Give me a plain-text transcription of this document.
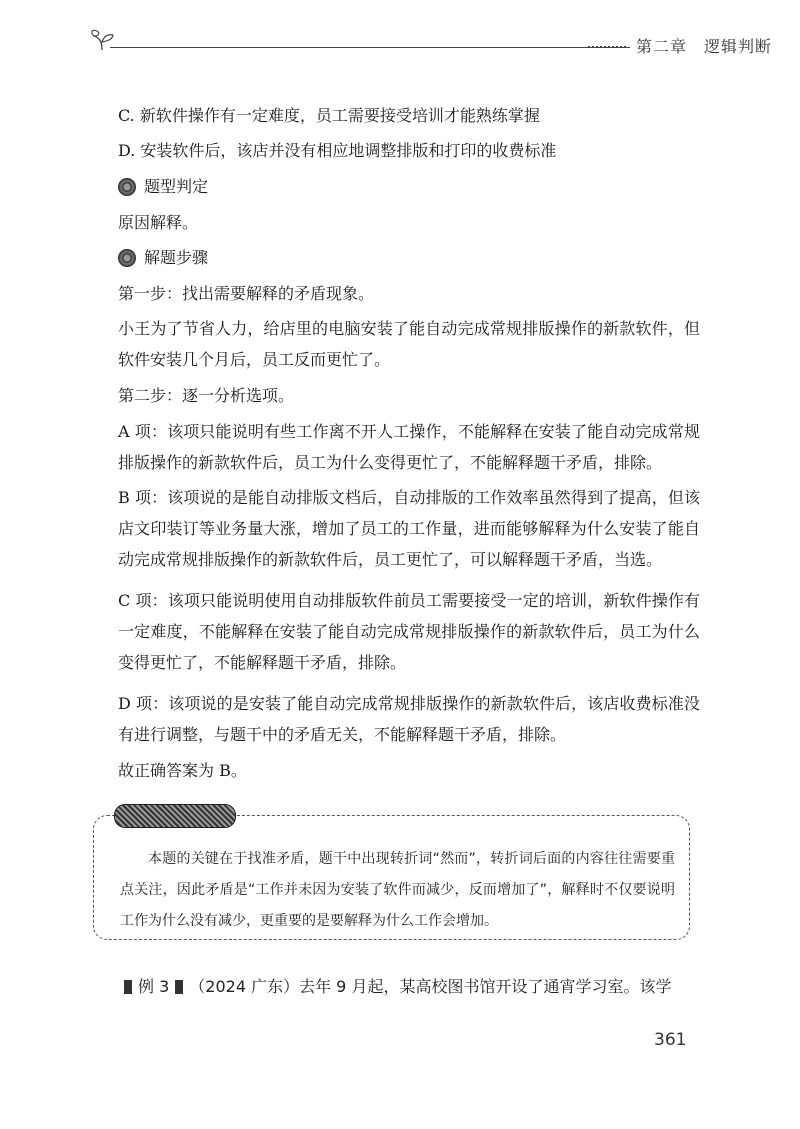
第二章　逻辑判断
C. 新软件操作有一定难度，员工需要接受培训才能熟练掌握
D. 安装软件后，该店并没有相应地调整排版和打印的收费标准
题型判定
原因解释。
解题步骤
第一步：找出需要解释的矛盾现象。
小王为了节省人力，给店里的电脑安装了能自动完成常规排版操作的新款软件，但软件安装几个月后，员工反而更忙了。
第二步：逐一分析选项。
A 项：该项只能说明有些工作离不开人工操作，不能解释在安装了能自动完成常规排版操作的新款软件后，员工为什么变得更忙了，不能解释题干矛盾，排除。
B 项：该项说的是能自动排版文档后，自动排版的工作效率虽然得到了提高，但该店文印装订等业务量大涨，增加了员工的工作量，进而能够解释为什么安装了能自动完成常规排版操作的新款软件后，员工更忙了，可以解释题干矛盾，当选。
C 项：该项只能说明使用自动排版软件前员工需要接受一定的培训，新软件操作有一定难度，不能解释在安装了能自动完成常规排版操作的新款软件后，员工为什么变得更忙了，不能解释题干矛盾，排除。
D 项：该项说的是安装了能自动完成常规排版操作的新款软件后，该店收费标准没有进行调整，与题干中的矛盾无关，不能解释题干矛盾，排除。
故正确答案为 B。
本题的关键在于找准矛盾，题干中出现转折词“然而”，转折词后面的内容往往需要重点关注，因此矛盾是“工作并未因为安装了软件而减少，反而增加了”，解释时不仅要说明工作为什么没有减少，更重要的是要解释为什么工作会增加。
例 3 （2024 广东）去年 9 月起，某高校图书馆开设了通宵学习室。该学
361
